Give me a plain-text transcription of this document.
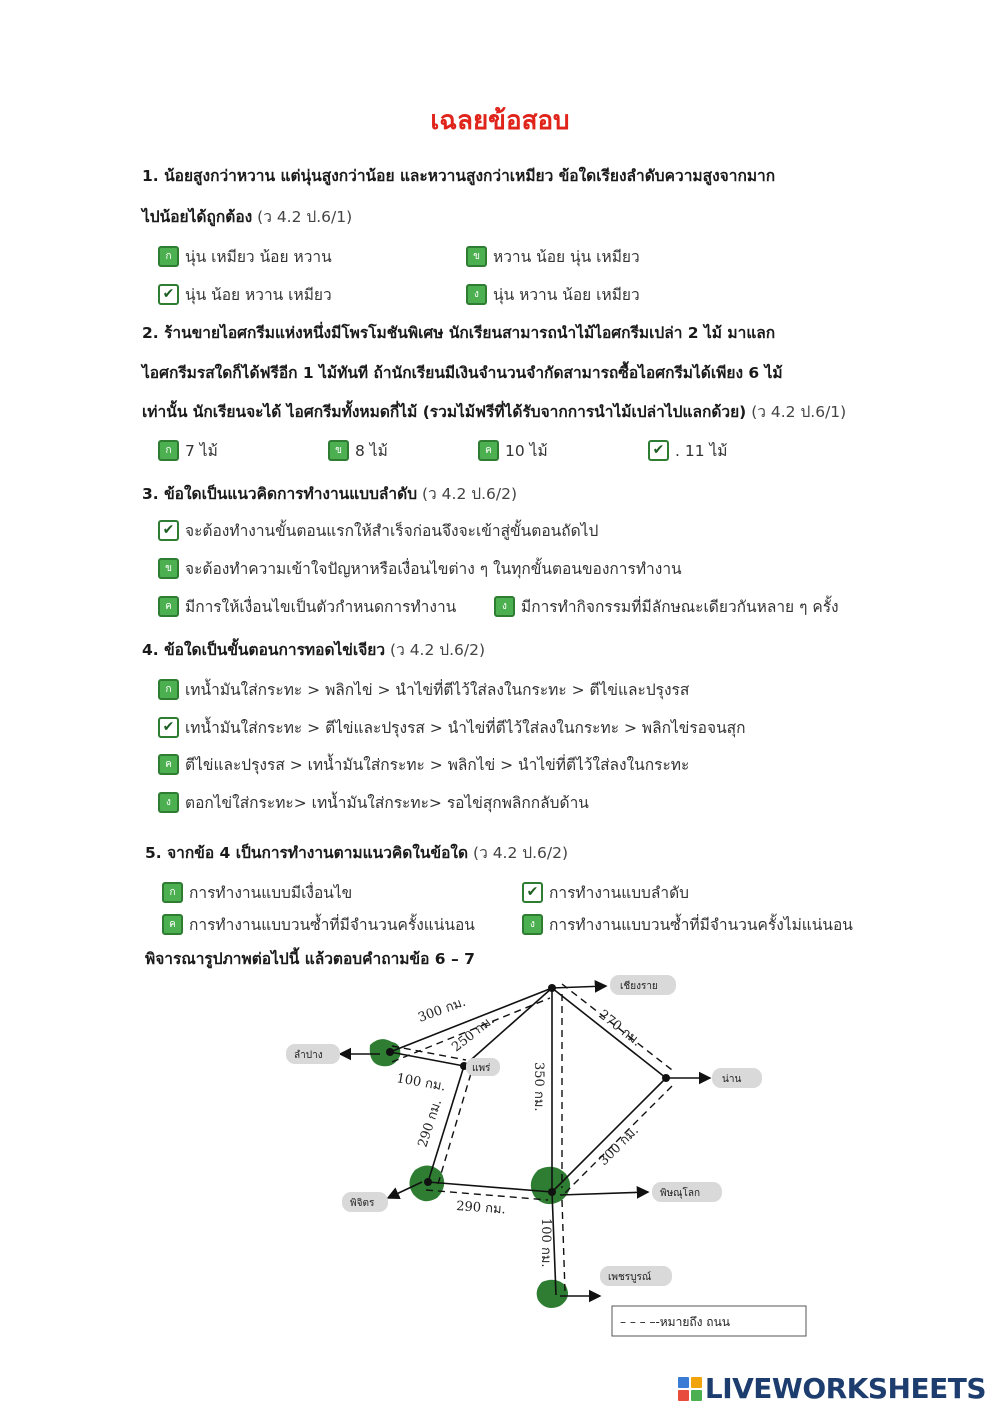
เฉลยข้อสอบ
1. น้อยสูงกว่าหวาน แต่นุ่นสูงกว่าน้อย และหวานสูงกว่าเหมียว ข้อใดเรียงลำดับความสูงจากมาก
ไปน้อยได้ถูกต้อง (ว 4.2 ป.6/1)
ก นุ่น เหมียว น้อย หวาน	ข หวาน น้อย นุ่น เหมียว
✔ นุ่น น้อย หวาน เหมียว	ง นุ่น หวาน น้อย เหมียว
2. ร้านขายไอศกรีมแห่งหนึ่งมีโพรโมชันพิเศษ นักเรียนสามารถนำไม้ไอศกรีมเปล่า 2 ไม้ มาแลก
ไอศกรีมรสใดก็ได้ฟรีอีก 1 ไม้ทันที ถ้านักเรียนมีเงินจำนวนจำกัดสามารถซื้อไอศกรีมได้เพียง 6 ไม้
เท่านั้น นักเรียนจะได้ ไอศกรีมทั้งหมดกี่ไม้ (รวมไม้ฟรีที่ได้รับจากการนำไม้เปล่าไปแลกด้วย) (ว 4.2 ป.6/1)
ก 7 ไม้	ข 8 ไม้	ค 10 ไม้	✔ . 11 ไม้
3. ข้อใดเป็นแนวคิดการทำงานแบบลำดับ (ว 4.2 ป.6/2)
✔ จะต้องทำงานขั้นตอนแรกให้สำเร็จก่อนจึงจะเข้าสู่ขั้นตอนถัดไป
ข จะต้องทำความเข้าใจปัญหาหรือเงื่อนไขต่าง ๆ ในทุกขั้นตอนของการทำงาน
ค มีการให้เงื่อนไขเป็นตัวกำหนดการทำงาน	ง มีการทำกิจกรรมที่มีลักษณะเดียวกันหลาย ๆ ครั้ง
4. ข้อใดเป็นขั้นตอนการทอดไข่เจียว (ว 4.2 ป.6/2)
ก เทน้ำมันใส่กระทะ > พลิกไข่ > นำไข่ที่ตีไว้ใส่ลงในกระทะ > ตีไข่และปรุงรส
✔ เทน้ำมันใส่กระทะ > ตีไข่และปรุงรส > นำไข่ที่ตีไว้ใส่ลงในกระทะ > พลิกไข่รอจนสุก
ค ตีไข่และปรุงรส > เทน้ำมันใส่กระทะ > พลิกไข่ > นำไข่ที่ตีไว้ใส่ลงในกระทะ
ง ตอกไข่ใส่กระทะ> เทน้ำมันใส่กระทะ> รอไข่สุกพลิกกลับด้าน
5. จากข้อ 4 เป็นการทำงานตามแนวคิดในข้อใด (ว 4.2 ป.6/2)
ก การทำงานแบบมีเงื่อนไข	✔ การทำงานแบบลำดับ
ค การทำงานแบบวนซ้ำที่มีจำนวนครั้งแน่นอน	ง การทำงานแบบวนซ้ำที่มีจำนวนครั้งไม่แน่นอน
พิจารณารูปภาพต่อไปนี้ แล้วตอบคำถามข้อ 6 – 7
เชียงราย
ลำปาง
แพร่
น่าน
พิจิตร
พิษณุโลก
เพชรบูรณ์
300 กม.
250 กม.	270 กม.
100 กม.	350 กม.
290 กม.	300 กม.
290 กม.
100 กม.
– – – –-หมายถึง ถนน
LIVEWORKSHEETS
